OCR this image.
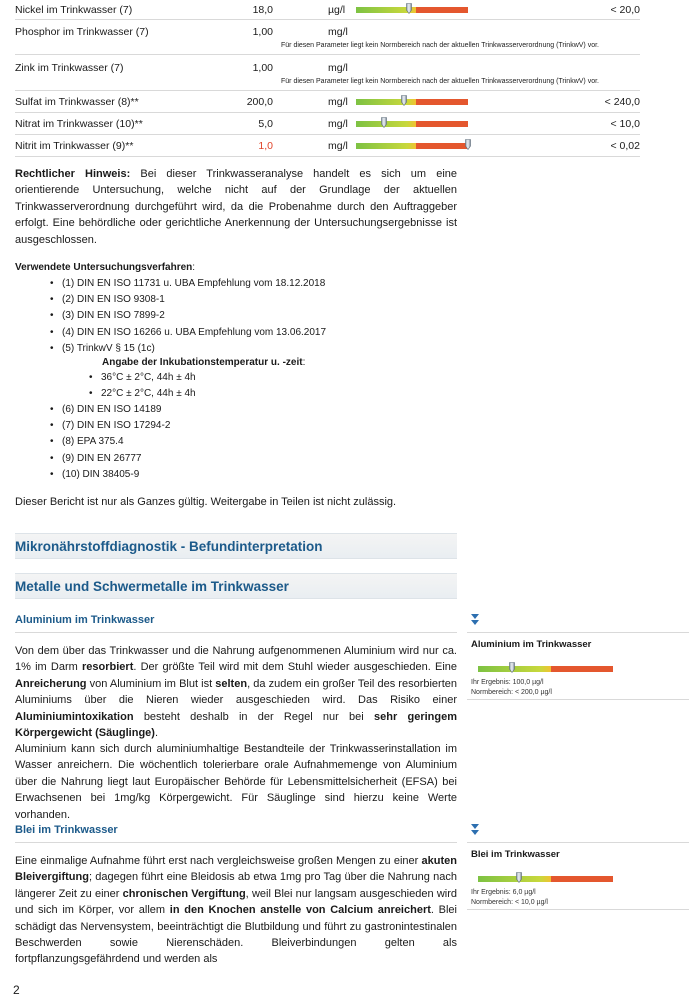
Nickel im Trinkwasser (7)	18,0	µg/l	< 20,0
Phosphor im Trinkwasser (7)	1,00	mg/l
Für diesen Parameter liegt kein Normbereich nach der aktuellen Trinkwasserverordnung (TrinkwV) vor.
Zink im Trinkwasser (7)	1,00	mg/l
Für diesen Parameter liegt kein Normbereich nach der aktuellen Trinkwasserverordnung (TrinkwV) vor.
Sulfat im Trinkwasser (8)**	200,0	mg/l	< 240,0
Nitrat im Trinkwasser (10)**	5,0	mg/l	< 10,0
Nitrit im Trinkwasser (9)**	1,0	mg/l	< 0,02

Rechtlicher Hinweis: Bei dieser Trinkwasseranalyse handelt es sich um eine orientierende Untersuchung, welche nicht auf der Grundlage der aktuellen Trinkwasserverordnung durchgeführt wird, da die Probenahme durch den Auftraggeber erfolgt. Eine behördliche oder gerichtliche Anerkennung der Untersuchungsergebnisse ist ausgeschlossen.

Verwendete Untersuchungsverfahren:
• (1) DIN EN ISO 11731 u. UBA Empfehlung vom 18.12.2018
• (2) DIN EN ISO 9308-1
• (3) DIN EN ISO 7899-2
• (4) DIN EN ISO 16266 u. UBA Empfehlung vom 13.06.2017
• (5) TrinkwV § 15 (1c)
Angabe der Inkubationstemperatur u. -zeit:
• 36°C ± 2°C, 44h ± 4h
• 22°C ± 2°C, 44h ± 4h
• (6) DIN EN ISO 14189
• (7) DIN EN ISO 17294-2
• (8) EPA 375.4
• (9) DIN EN 26777
• (10) DIN 38405-9

Dieser Bericht ist nur als Ganzes gültig. Weitergabe in Teilen ist nicht zulässig.

Mikronährstoffdiagnostik - Befundinterpretation
Metalle und Schwermetalle im Trinkwasser
Aluminium im Trinkwasser

Von dem über das Trinkwasser und die Nahrung aufgenommenen Aluminium wird nur ca. 1% im Darm resorbiert. Der größte Teil wird mit dem Stuhl wieder ausgeschieden. Eine Anreicherung von Aluminium im Blut ist selten, da zudem ein großer Teil des resorbierten Aluminiums über die Nieren wieder ausgeschieden wird. Das Risiko einer Aluminiumintoxikation besteht deshalb in der Regel nur bei sehr geringem Körpergewicht (Säuglinge).

Aluminium kann sich durch aluminiumhaltige Bestandteile der Trinkwasserinstallation im Wasser anreichern. Die wöchentlich tolerierbare orale Aufnahmemenge von Aluminium über die Nahrung liegt laut Europäischer Behörde für Lebensmittelsicherheit (EFSA) bei Erwachsenen bei 1mg/kg Körpergewicht. Für Säuglinge sind hierzu keine Werte vorhanden.

Aluminium im Trinkwasser
Ihr Ergebnis: 100,0 µg/l
Normbereich: < 200,0 µg/l
Blei im Trinkwasser

Eine einmalige Aufnahme führt erst nach vergleichsweise großen Mengen zu einer akuten Bleivergiftung; dagegen führt eine Bleidosis ab etwa 1mg pro Tag über die Nahrung nach längerer Zeit zu einer chronischen Vergiftung, weil Blei nur langsam ausgeschieden wird und sich im Körper, vor allem in den Knochen anstelle von Calcium anreichert. Blei schädigt das Nervensystem, beeinträchtigt die Blutbildung und führt zu gastronintestinalen Beschwerden sowie Nierenschäden. Bleiverbindungen gelten als fortpflanzungsgefährdend und werden als

Blei im Trinkwasser
Ihr Ergebnis: 6,0 µg/l
Normbereich: < 10,0 µg/l
2
